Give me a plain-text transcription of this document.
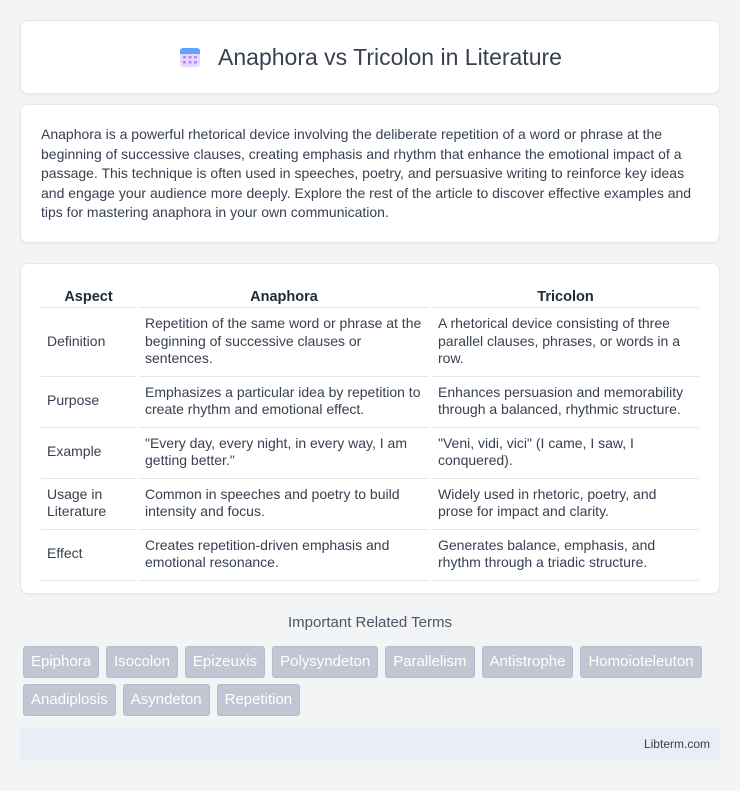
Anaphora vs Tricolon in Literature

Anaphora is a powerful rhetorical device involving the deliberate repetition of a word or phrase at the beginning of successive clauses, creating emphasis and rhythm that enhance the emotional impact of a passage. This technique is often used in speeches, poetry, and persuasive writing to reinforce key ideas and engage your audience more deeply. Explore the rest of the article to discover effective examples and tips for mastering anaphora in your own communication.

Aspect	Anaphora	Tricolon
Definition	Repetition of the same word or phrase at the beginning of successive clauses or sentences.	A rhetorical device consisting of three parallel clauses, phrases, or words in a row.
Purpose	Emphasizes a particular idea by repetition to create rhythm and emotional effect.	Enhances persuasion and memorability through a balanced, rhythmic structure.
Example	"Every day, every night, in every way, I am getting better."	"Veni, vidi, vici" (I came, I saw, I conquered).
Usage in Literature	Common in speeches and poetry to build intensity and focus.	Widely used in rhetoric, poetry, and prose for impact and clarity.
Effect	Creates repetition-driven emphasis and emotional resonance.	Generates balance, emphasis, and rhythm through a triadic structure.
Important Related Terms
Epiphora	Isocolon	Epizeuxis	Polysyndeton	Parallelism	Antistrophe	Homoioteleuton
Anadiplosis	Asyndeton	Repetition
Libterm.com
